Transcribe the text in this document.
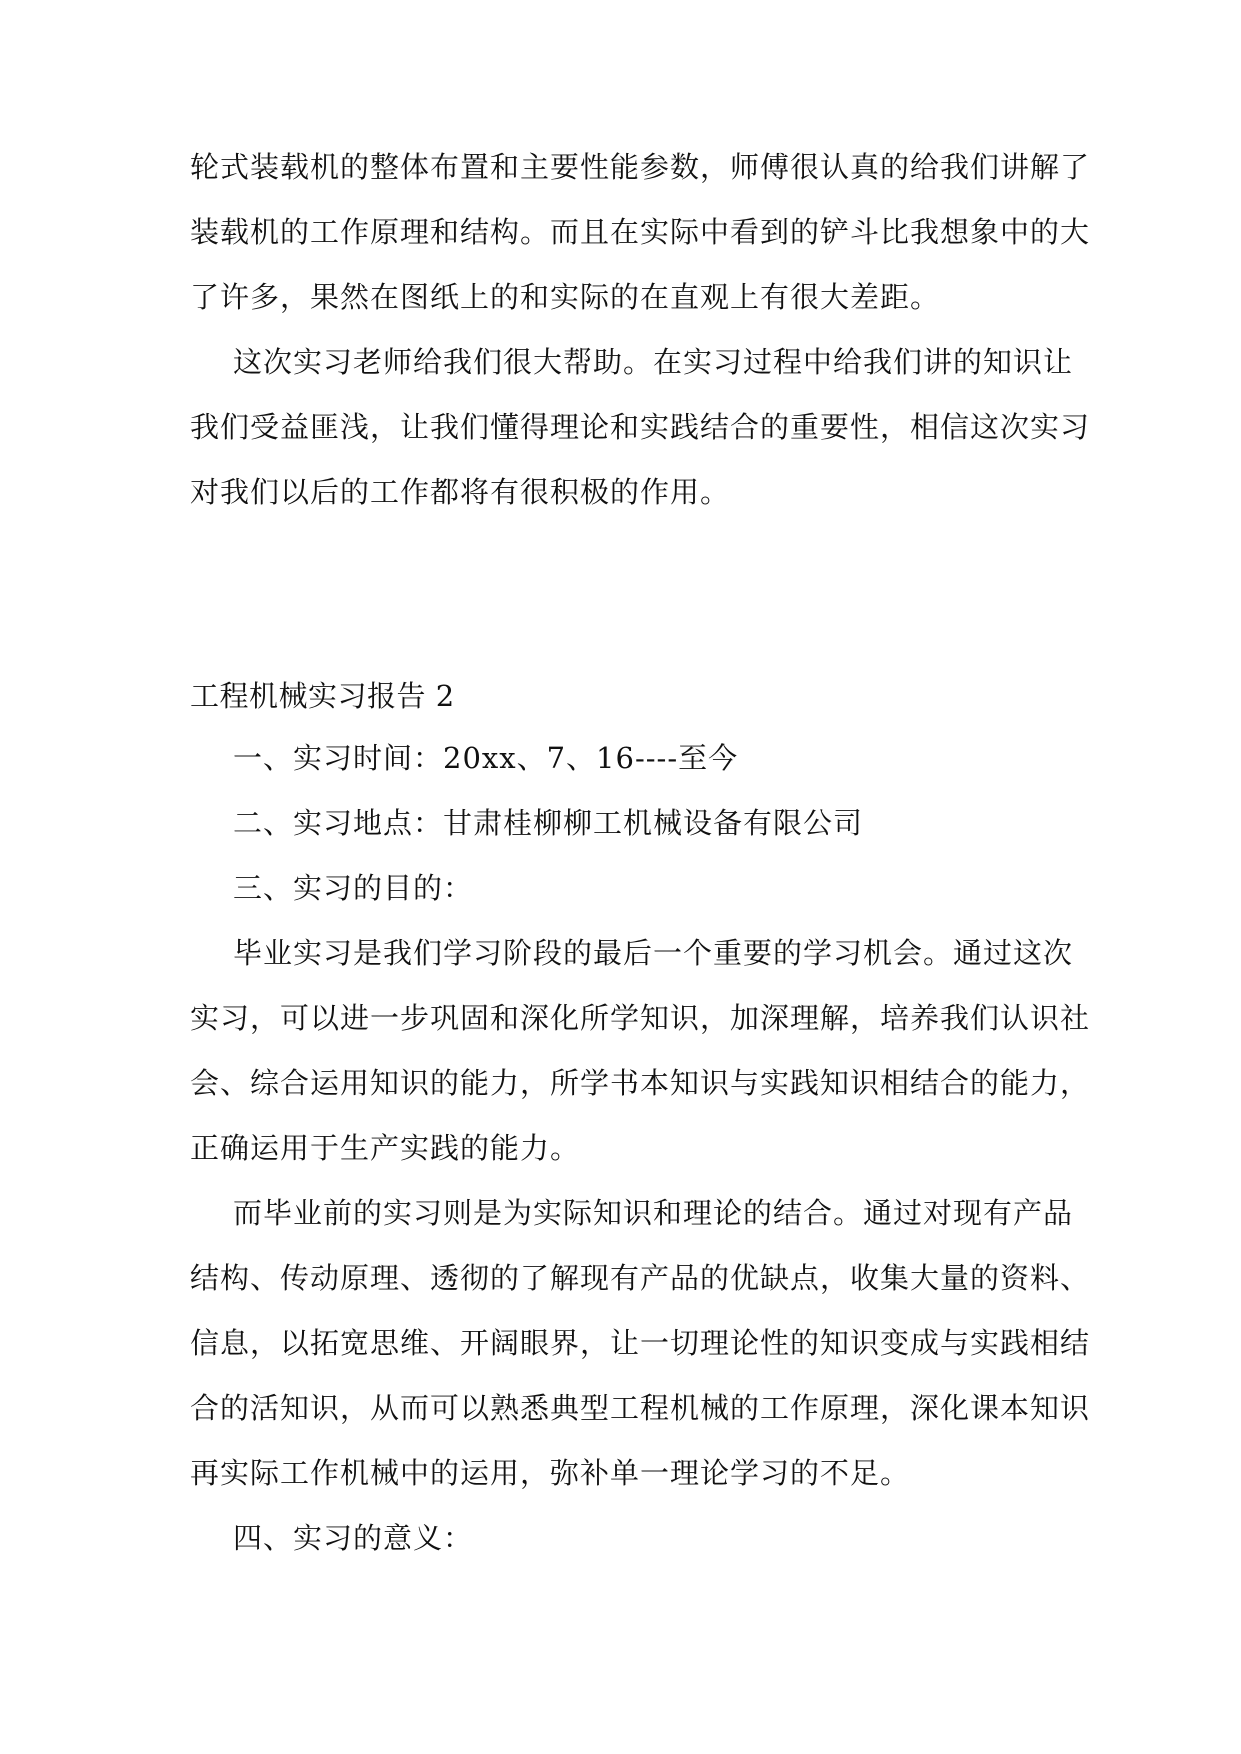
轮式装载机的整体布置和主要性能参数，师傅很认真的给我们讲解了
装载机的工作原理和结构。而且在实际中看到的铲斗比我想象中的大
了许多，果然在图纸上的和实际的在直观上有很大差距。
这次实习老师给我们很大帮助。在实习过程中给我们讲的知识让
我们受益匪浅，让我们懂得理论和实践结合的重要性，相信这次实习
对我们以后的工作都将有很积极的作用。
工程机械实习报告 2
一、实习时间：20xx、7、16----至今
二、实习地点：甘肃桂柳柳工机械设备有限公司
三、实习的目的：
毕业实习是我们学习阶段的最后一个重要的学习机会。通过这次
实习，可以进一步巩固和深化所学知识，加深理解，培养我们认识社
会、综合运用知识的能力，所学书本知识与实践知识相结合的能力，
正确运用于生产实践的能力。
而毕业前的实习则是为实际知识和理论的结合。通过对现有产品
结构、传动原理、透彻的了解现有产品的优缺点，收集大量的资料、
信息，以拓宽思维、开阔眼界，让一切理论性的知识变成与实践相结
合的活知识，从而可以熟悉典型工程机械的工作原理，深化课本知识
再实际工作机械中的运用，弥补单一理论学习的不足。
四、实习的意义：
